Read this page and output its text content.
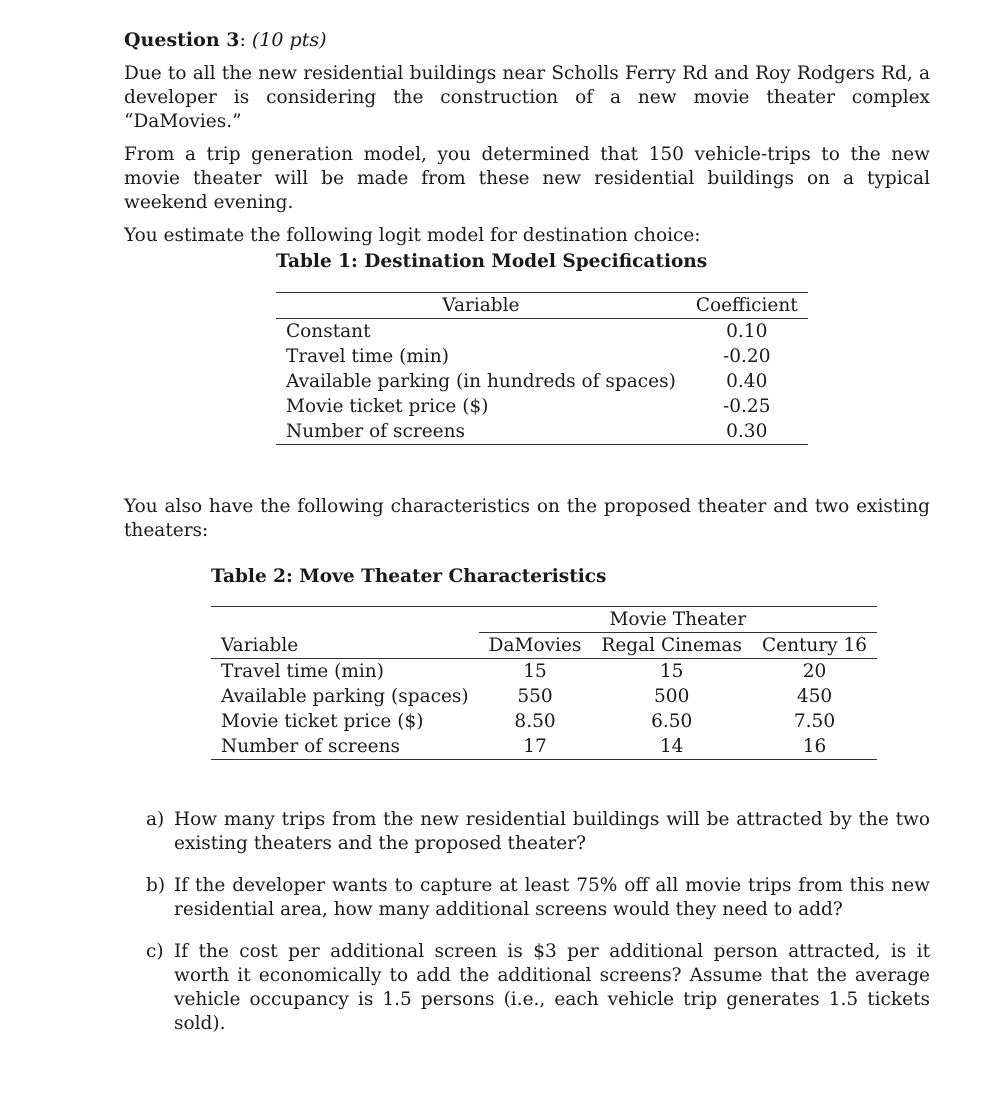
Question 3: (10 pts)

Due to all the new residential buildings near Scholls Ferry Rd and Roy Rodgers Rd, a developer is considering the construction of a new movie theater complex “DaMovies.”

From a trip generation model, you determined that 150 vehicle-trips to the new movie theater will be made from these new residential buildings on a typical weekend evening.

You estimate the following logit model for destination choice:

Table 1: Destination Model Specifications
Variable	Coefficient
Constant	0.10
Travel time (min)	-0.20
Available parking (in hundreds of spaces)	0.40
Movie ticket price ($)	-0.25
Number of screens	0.30

You also have the following characteristics on the proposed theater and two existing theaters:

Table 2: Move Theater Characteristics
	Movie Theater		
Variable	DaMovies	Regal Cinemas	Century 16
Travel time (min)	15	15	20
Available parking (spaces)	550	500	450
Movie ticket price ($)	8.50	6.50	7.50
Number of screens	17	14	16
a) How many trips from the new residential buildings will be attracted by the two existing theaters and the proposed theater?
b) If the developer wants to capture at least 75% off all movie trips from this new residential area, how many additional screens would they need to add?
c) If the cost per additional screen is $3 per additional person attracted, is it worth it economically to add the additional screens? Assume that the average vehicle occupancy is 1.5 persons (i.e., each vehicle trip generates 1.5 tickets sold).
